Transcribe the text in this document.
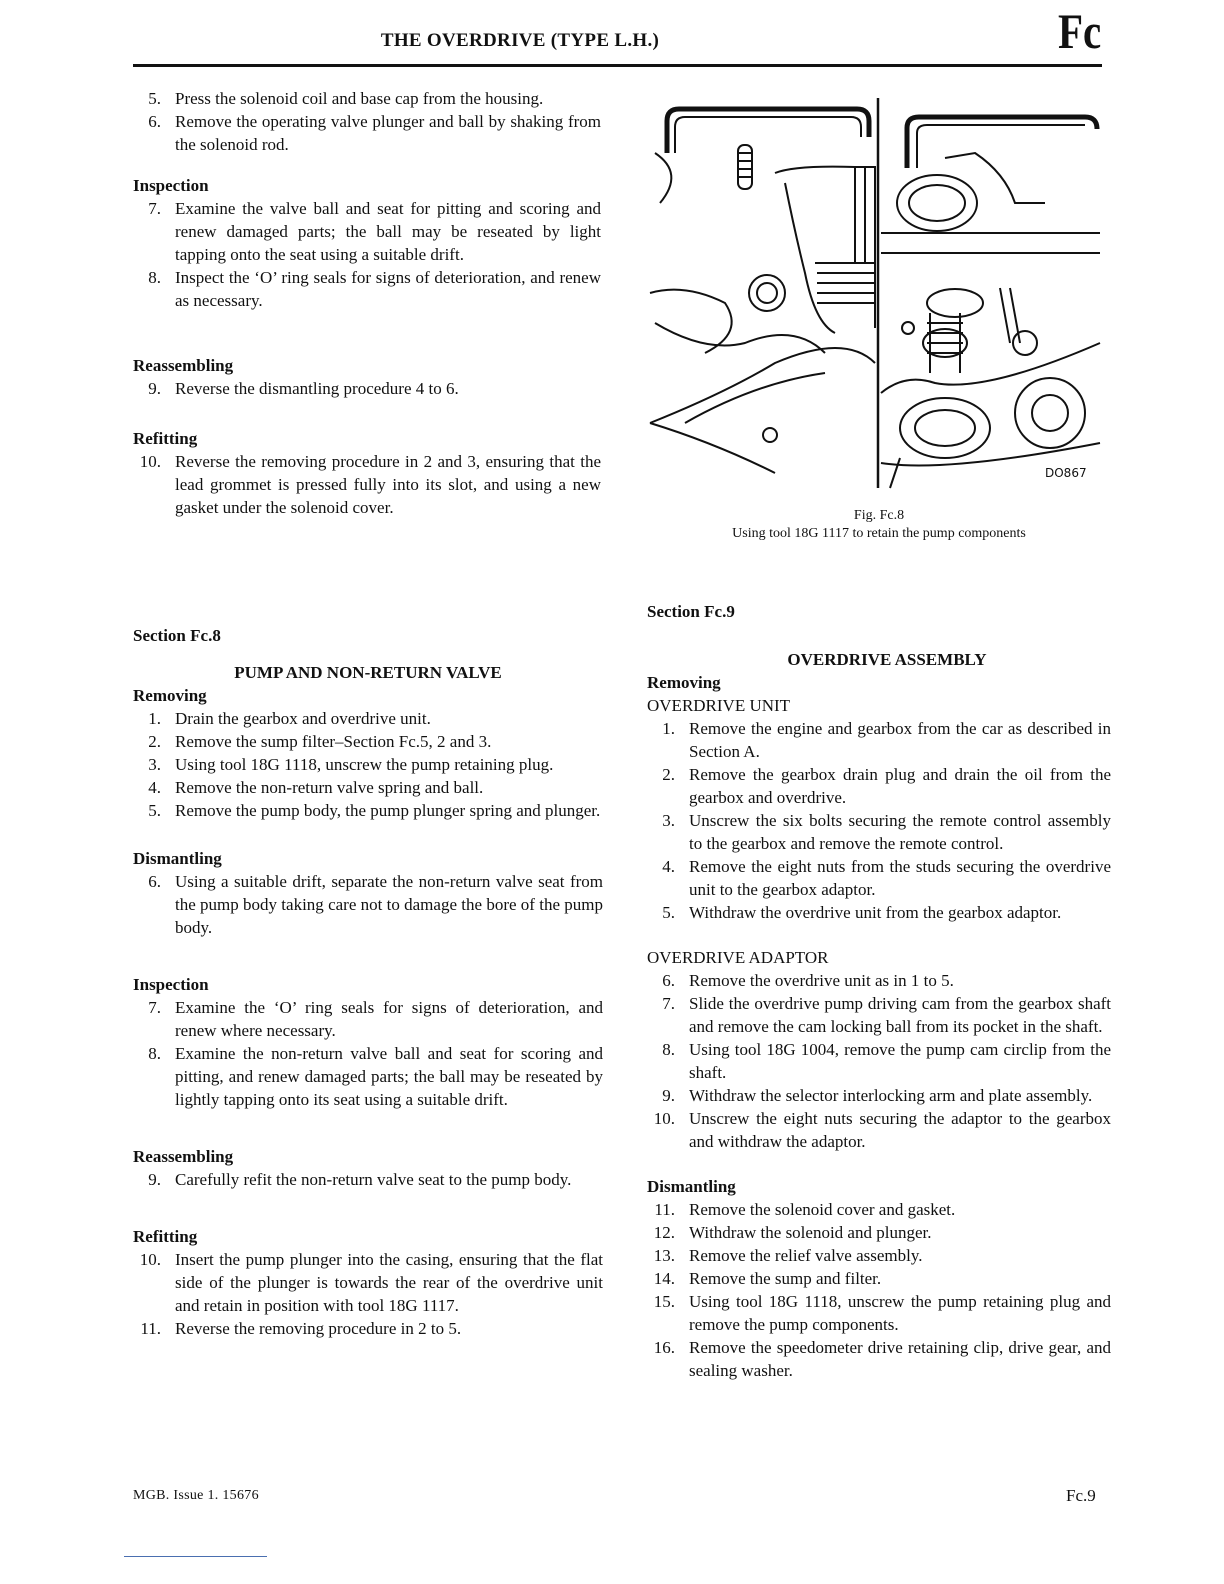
THE OVERDRIVE (TYPE L.H.)	Fc
5. Press the solenoid coil and base cap from the housing.
6. Remove the operating valve plunger and ball by shaking from the solenoid rod.
Inspection
7. Examine the valve ball and seat for pitting and scoring and renew damaged parts; the ball may be reseated by light tapping onto the seat using a suitable drift.
8. Inspect the ‘O’ ring seals for signs of deterioration, and renew as necessary.
Reassembling
9. Reverse the dismantling procedure 4 to 6.
Refitting
10. Reverse the removing procedure in 2 and 3, ensuring that the lead grommet is pressed fully into its slot, and using a new gasket under the solenoid cover.
DO867
Fig. Fc.8
Using tool 18G 1117 to retain the pump components
Section Fc.8
PUMP AND NON-RETURN VALVE
Removing
1. Drain the gearbox and overdrive unit.
2. Remove the sump filter–Section Fc.5, 2 and 3.
3. Using tool 18G 1118, unscrew the pump retaining plug.
4. Remove the non-return valve spring and ball.
5. Remove the pump body, the pump plunger spring and plunger.
Dismantling
6. Using a suitable drift, separate the non-return valve seat from the pump body taking care not to damage the bore of the pump body.
Inspection
7. Examine the ‘O’ ring seals for signs of deterioration, and renew where necessary.
8. Examine the non-return valve ball and seat for scoring and pitting, and renew damaged parts; the ball may be reseated by lightly tapping onto its seat using a suitable drift.
Reassembling
9. Carefully refit the non-return valve seat to the pump body.
Refitting
10. Insert the pump plunger into the casing, ensuring that the flat side of the plunger is towards the rear of the overdrive unit and retain in position with tool 18G 1117.
11. Reverse the removing procedure in 2 to 5.
Section Fc.9
OVERDRIVE ASSEMBLY
Removing
OVERDRIVE UNIT
1. Remove the engine and gearbox from the car as described in Section A.
2. Remove the gearbox drain plug and drain the oil from the gearbox and overdrive.
3. Unscrew the six bolts securing the remote control assembly to the gearbox and remove the remote control.
4. Remove the eight nuts from the studs securing the overdrive unit to the gearbox adaptor.
5. Withdraw the overdrive unit from the gearbox adaptor.
OVERDRIVE ADAPTOR
6. Remove the overdrive unit as in 1 to 5.
7. Slide the overdrive pump driving cam from the gearbox shaft and remove the cam locking ball from its pocket in the shaft.
8. Using tool 18G 1004, remove the pump cam circlip from the shaft.
9. Withdraw the selector interlocking arm and plate assembly.
10. Unscrew the eight nuts securing the adaptor to the gearbox and withdraw the adaptor.
Dismantling
11. Remove the solenoid cover and gasket.
12. Withdraw the solenoid and plunger.
13. Remove the relief valve assembly.
14. Remove the sump and filter.
15. Using tool 18G 1118, unscrew the pump retaining plug and remove the pump components.
16. Remove the speedometer drive retaining clip, drive gear, and sealing washer.
MGB. Issue 1. 15676	Fc.9
